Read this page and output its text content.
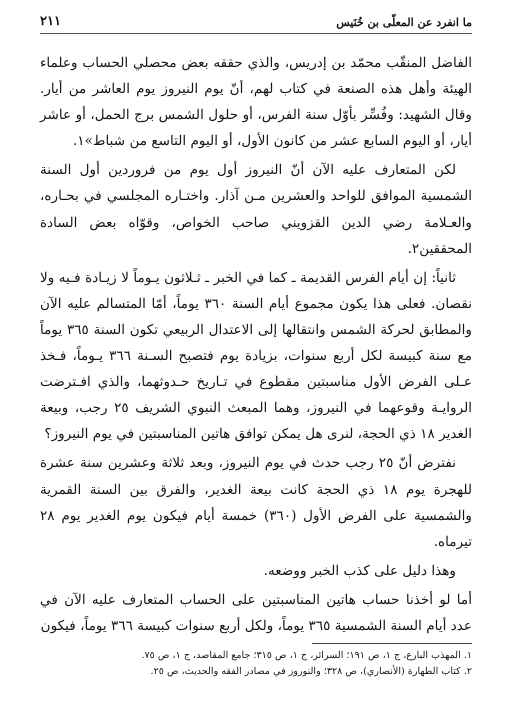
ما انفرد عن المعلّى بن خُنَيس
٢١١

الفاضل المنقّب محمّد بن إدريس، والذي حققه بعض محصلي الحساب وعلماء الهيئة وأهل هذه الصنعة في كتاب لهم، أنّ يوم النيروز يوم العاشر من أيار. وقال الشهيد: وفُسِّر بأوّل سنة الفرس، أو حلول الشمس برج الحمل، أو عاشر أيار، أو اليوم السابع عشر من كانون الأول، أو اليوم التاسع من شباط»١.

لكن المتعارف عليه الآن أنّ النيروز أول يوم من فروردين أول السنة الشمسية الموافق للواحد والعشرين مـن آذار. واختـاره المجلسي في بحـاره، والعـلامة رضي الدين القزويني صاحب الخواص، وقوّاه بعض السادة المحققين٢.

ثانياً: إن أيام الفرس القديمة ـ كما في الخبر ـ ثـلاثون يـوماً لا زيـادة فـيه ولا نقصان. فعلى هذا يكون مجموع أيام السنة ٣٦٠ يوماً، أمّا المتسالم عليه الآن والمطابق لحركة الشمس وانتقالها إلى الاعتدال الربيعي تكون السنة ٣٦٥ يوماً مع سنة كبيسة لكل أربع سنوات، بزيادة يوم فتصبح السـنة ٣٦٦ يـوماً، فـخذ عـلى الفرض الأول مناسبتين مقطوع في تـاريخ حـدوثهما، والذي افـترضت الروايـة وقوعهما في النيروز، وهما المبعث النبوي الشريف ٢٥ رجب، وبيعة الغدير ١٨ ذي الحجة، لنرى هل يمكن توافق هاتين المناسبتين في يوم النيروز؟

نفترض أنّ ٢٥ رجب حدث في يوم النيروز، وبعد ثلاثة وعشرين سنة عشرة للهجرة يوم ١٨ ذي الحجة كانت بيعة الغدير، والفرق بين السنة القمرية والشمسية على الفرض الأول (٣٦٠) خمسة أيام فيكون يوم الغدير يوم ٢٨ تيرماه.

وهذا دليل على كذب الخبر ووضعه.

أما لو أخذنا حساب هاتين المناسبتين على الحساب المتعارف عليه الآن في عدد أيام السنة الشمسية ٣٦٥ يوماً، ولكل أربع سنوات كبيسة ٣٦٦ يوماً، فيكون

١. المهذب البارع، ج ١، ص ١٩١؛ السرائر، ج ١، ص ٣١٥؛ جامع المقاصد، ج ١، ص ٧٥.

٢. كتاب الطهارة (الأنصاري)، ص ٣٢٨؛ والنوروز في مصادر الفقه والحديث، ص ٢٥.
